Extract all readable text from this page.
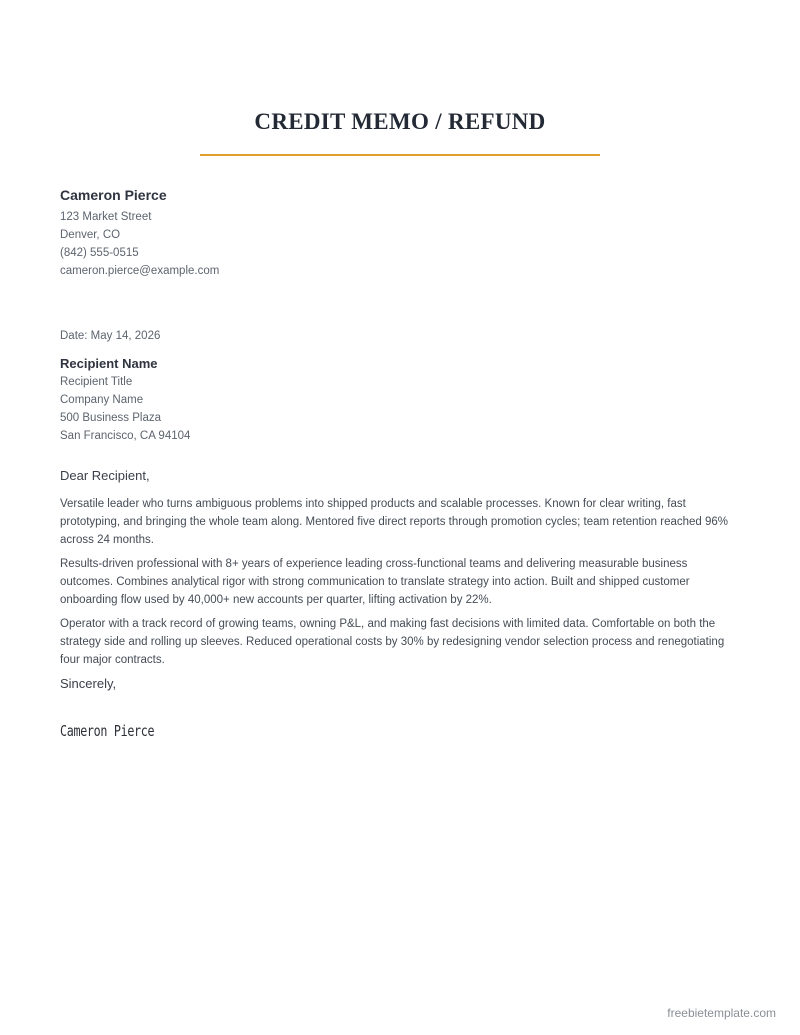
CREDIT MEMO / REFUND
Cameron Pierce
123 Market Street
Denver, CO
(842) 555-0515
cameron.pierce@example.com
Date: May 14, 2026
Recipient Name
Recipient Title
Company Name
500 Business Plaza
San Francisco, CA 94104
Dear Recipient,

Versatile leader who turns ambiguous problems into shipped products and scalable processes. Known for clear writing, fast prototyping, and bringing the whole team along. Mentored five direct reports through promotion cycles; team retention reached 96% across 24 months.

Results-driven professional with 8+ years of experience leading cross-functional teams and delivering measurable business outcomes. Combines analytical rigor with strong communication to translate strategy into action. Built and shipped customer onboarding flow used by 40,000+ new accounts per quarter, lifting activation by 22%.

Operator with a track record of growing teams, owning P&L, and making fast decisions with limited data. Comfortable on both the strategy side and rolling up sleeves. Reduced operational costs by 30% by redesigning vendor selection process and renegotiating four major contracts.

Sincerely,
Cameron Pierce
freebietemplate.com
